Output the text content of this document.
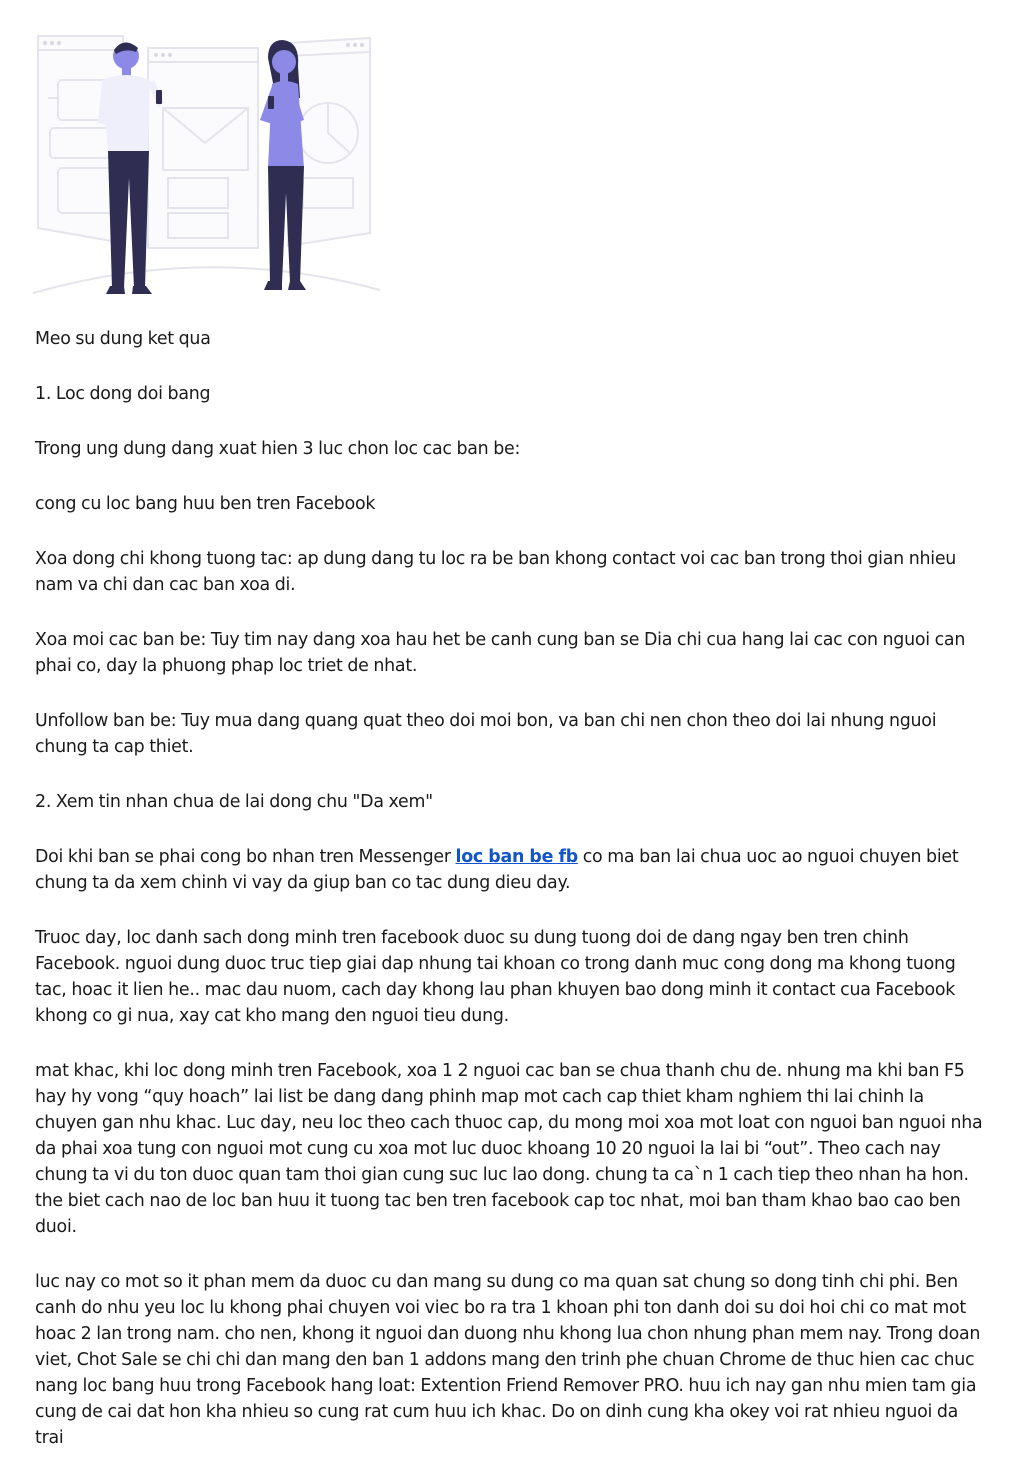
Meo su dung ket qua

1. Loc dong doi bang

Trong ung dung dang xuat hien 3 luc chon loc cac ban be:

cong cu loc bang huu ben tren Facebook

Xoa dong chi khong tuong tac: ap dung dang tu loc ra be ban khong contact voi cac ban trong thoi gian nhieu nam va chi dan cac ban xoa di.

Xoa moi cac ban be: Tuy tim nay dang xoa hau het be canh cung ban se Dia chi cua hang lai cac con nguoi can phai co, day la phuong phap loc triet de nhat.

Unfollow ban be: Tuy mua dang quang quat theo doi moi bon, va ban chi nen chon theo doi lai nhung nguoi chung ta cap thiet.

2. Xem tin nhan chua de lai dong chu "Da xem"

Doi khi ban se phai cong bo nhan tren Messenger loc ban be fb co ma ban lai chua uoc ao nguoi chuyen biet chung ta da xem chinh vi vay da giup ban co tac dung dieu day.

Truoc day, loc danh sach dong minh tren facebook duoc su dung tuong doi de dang ngay ben tren chinh Facebook. nguoi dung duoc truc tiep giai dap nhung tai khoan co trong danh muc cong dong ma khong tuong tac, hoac it lien he.. mac dau nuom, cach day khong lau phan khuyen bao dong minh it contact cua Facebook khong co gi nua, xay cat kho mang den nguoi tieu dung.

mat khac, khi loc dong minh tren Facebook, xoa 1 2 nguoi cac ban se chua thanh chu de. nhung ma khi ban F5 hay hy vong “quy hoach” lai list be dang dang phinh map mot cach cap thiet kham nghiem thi lai chinh la chuyen gan nhu khac. Luc day, neu loc theo cach thuoc cap, du mong moi xoa mot loat con nguoi ban nguoi nha da phai xoa tung con nguoi mot cung cu xoa mot luc duoc khoang 10 20 nguoi la lai bi “out”. Theo cach nay chung ta vi du ton duoc quan tam thoi gian cung suc luc lao dong. chung ta ca`n 1 cach tiep theo nhan ha hon. the biet cach nao de loc ban huu it tuong tac ben tren facebook cap toc nhat, moi ban tham khao bao cao ben duoi.

luc nay co mot so it phan mem da duoc cu dan mang su dung co ma quan sat chung so dong tinh chi phi. Ben canh do nhu yeu loc lu khong phai chuyen voi viec bo ra tra 1 khoan phi ton danh doi su doi hoi chi co mat mot hoac 2 lan trong nam. cho nen, khong it nguoi dan duong nhu khong lua chon nhung phan mem nay. Trong doan viet, Chot Sale se chi chi dan mang den ban 1 addons mang den trinh phe chuan Chrome de thuc hien cac chuc nang loc bang huu trong Facebook hang loat: Extention Friend Remover PRO. huu ich nay gan nhu mien tam gia cung de cai dat hon kha nhieu so cung rat cum huu ich khac. Do on dinh cung kha okey voi rat nhieu nguoi da trai
